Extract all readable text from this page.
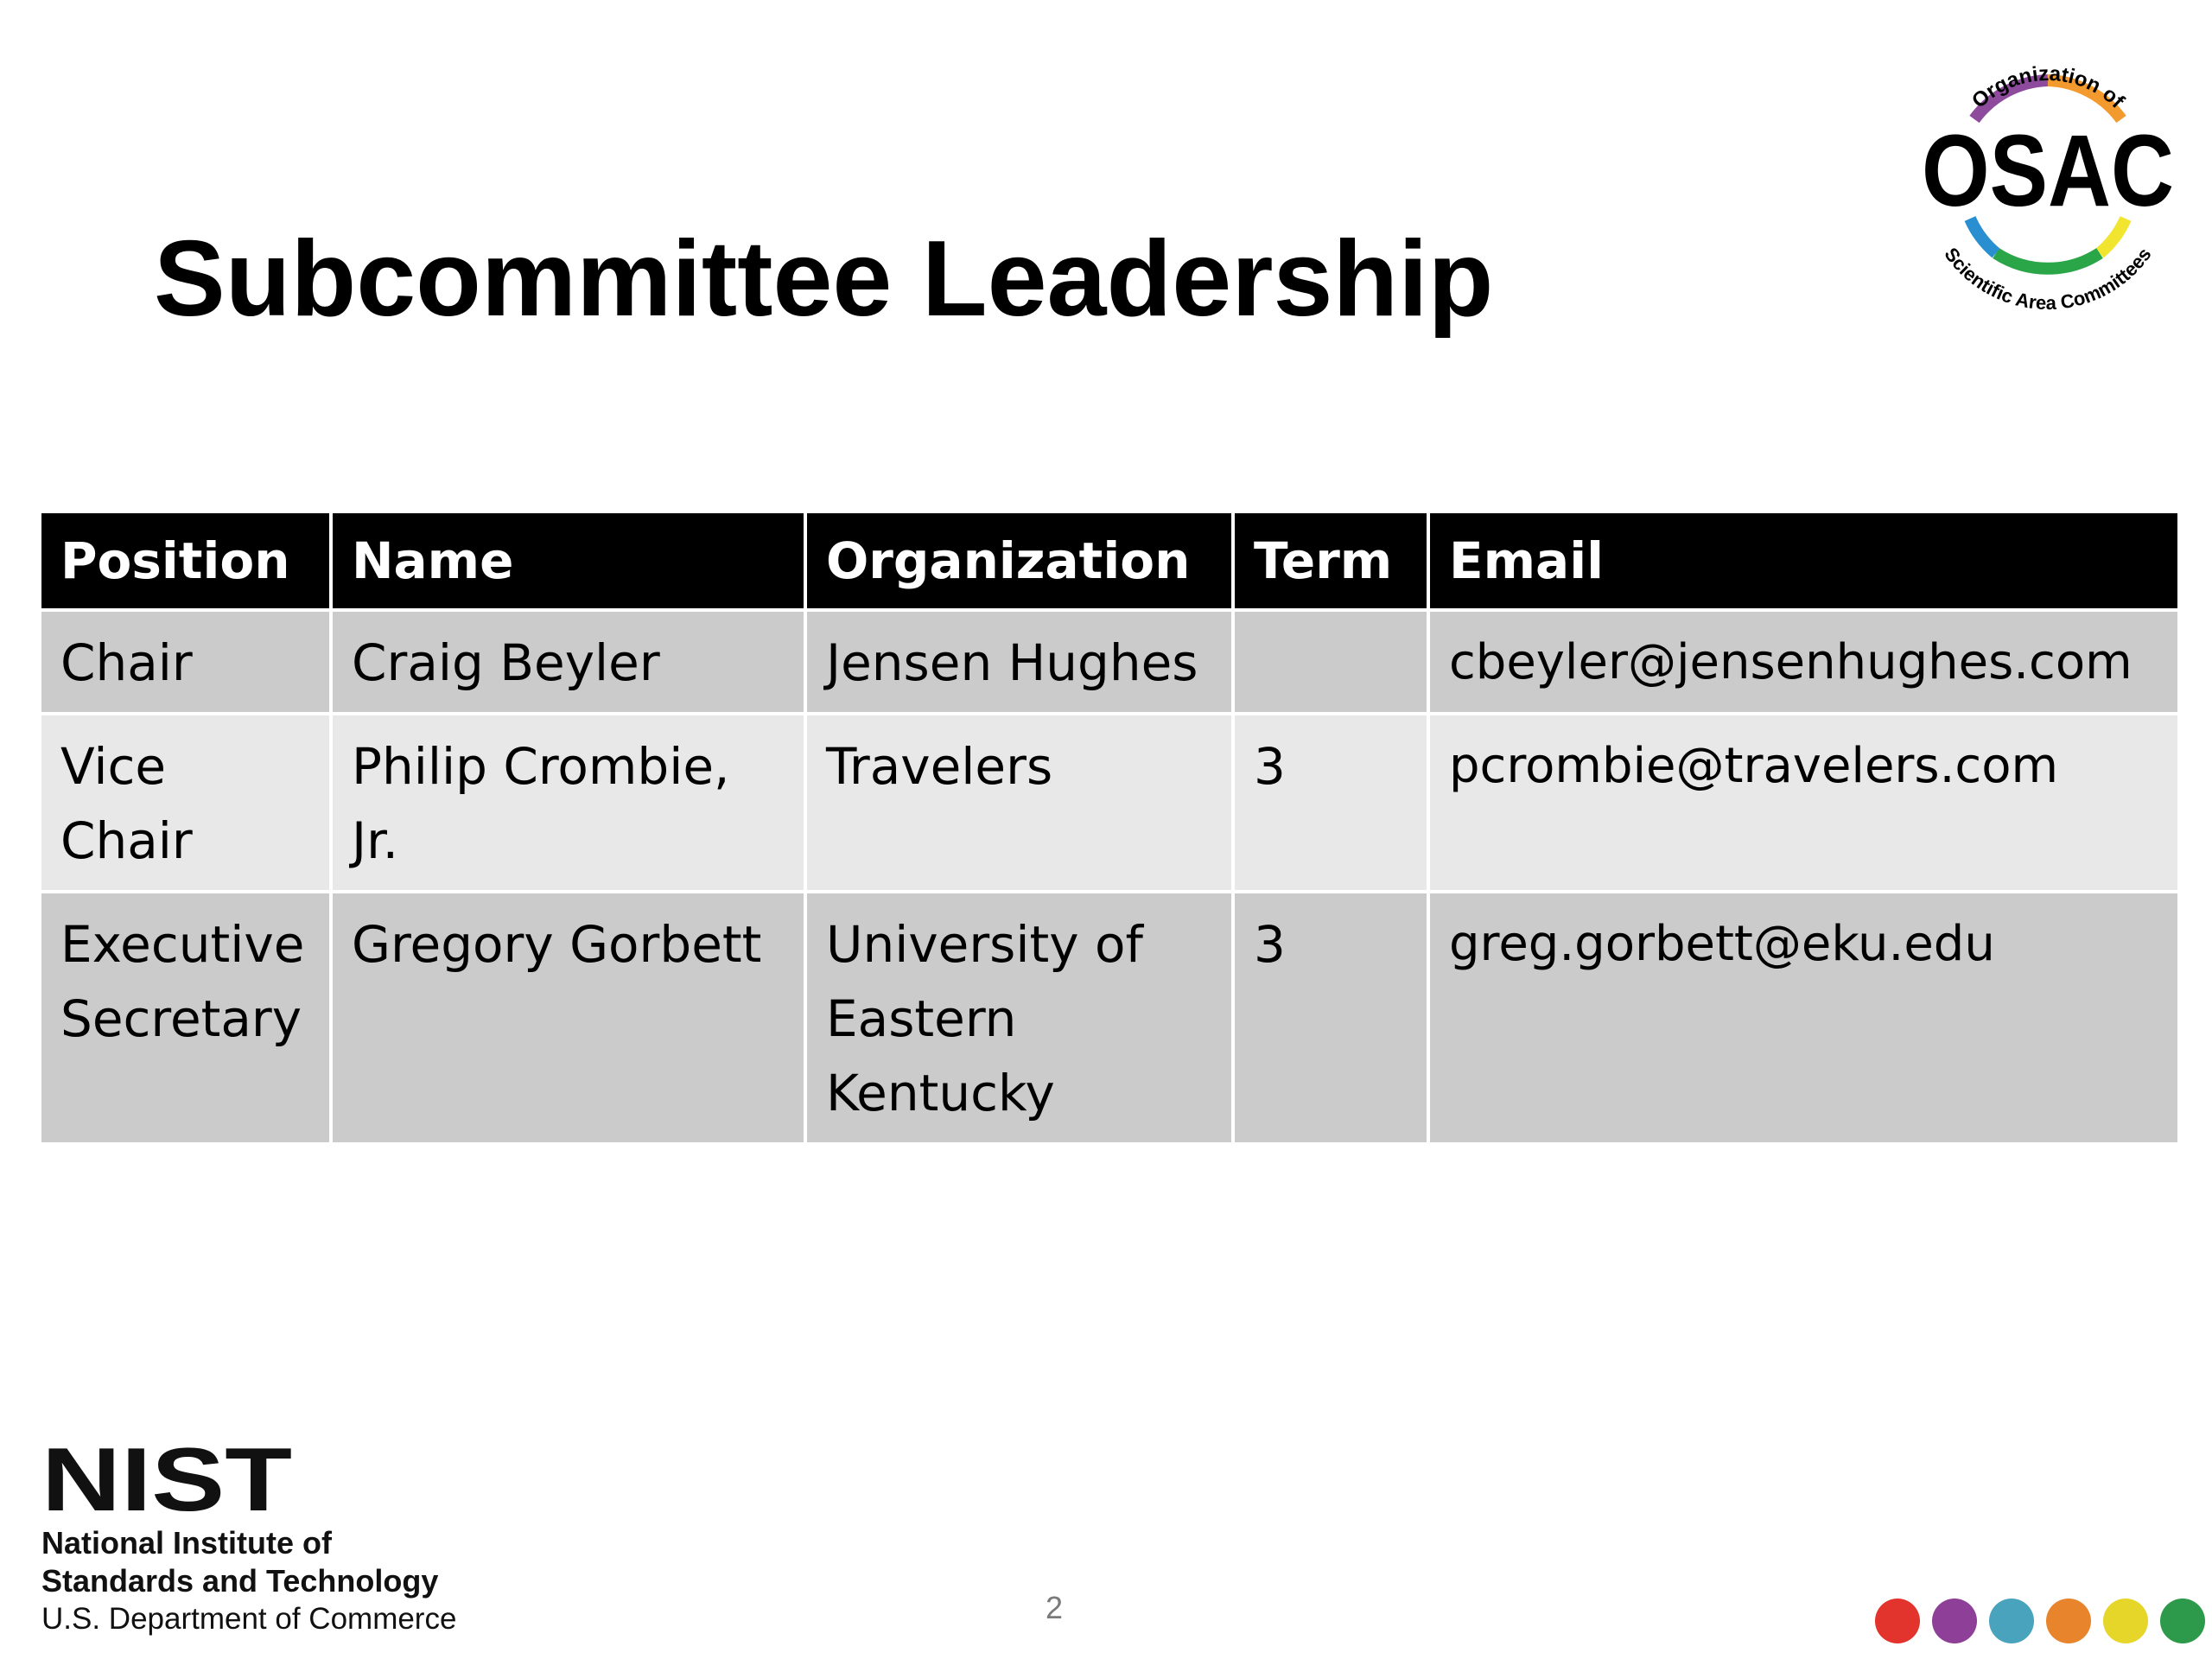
Subcommittee Leadership
Organization of
OSAC
Scientific Area Committees
Position	Name	Organization	Term	Email
Chair	Craig Beyler	Jensen Hughes		cbeyler@jensenhughes.com
Vice Chair	Philip Crombie, Jr.	Travelers	3	pcrombie@travelers.com
Executive Secretary	Gregory Gorbett	University of Eastern Kentucky	3	greg.gorbett@eku.edu
NIST
National Institute of
Standards and Technology
U.S. Department of Commerce	2
